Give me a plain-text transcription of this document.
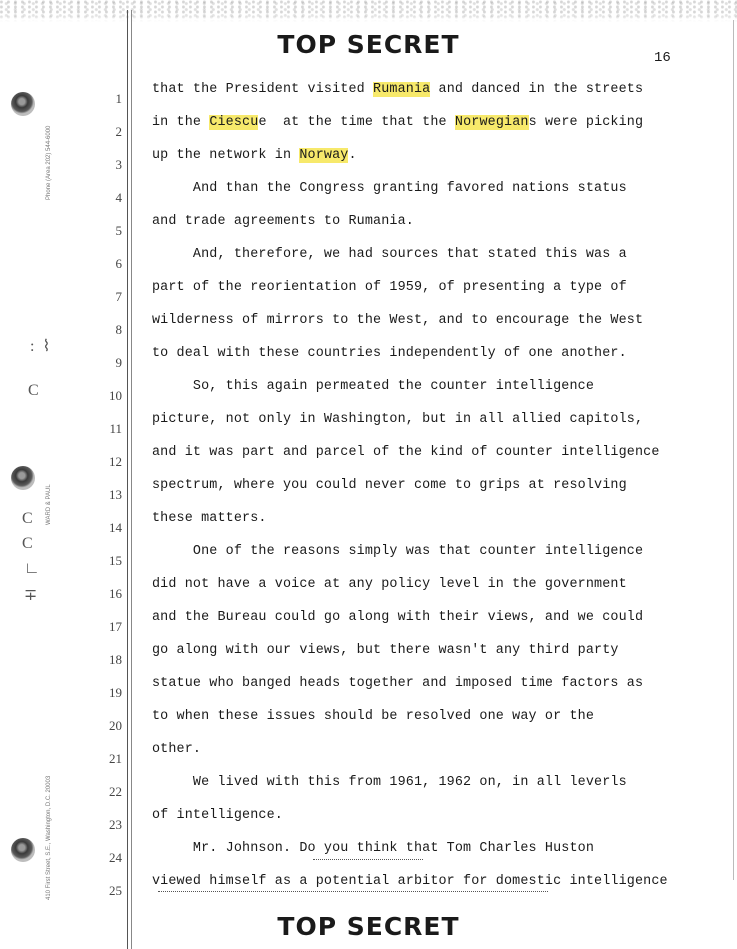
TOP SECRET	16
Phone (Area 202) 544-6000
WARD & PAUL
410 First Street, S.E., Washington, D.C. 20003
:  ⌇
C
C
C
∟
∓
1
2
3
4
5
6
7
8
9
10
11
12
13
14
15
16
17
18
19
20
21
22
23
24
25
that the President visited Rumania and danced in the streets
in the Ciescue  at the time that the Norwegians were picking
up the network in Norway.
And than the Congress granting favored nations status
and trade agreements to Rumania.
And, therefore, we had sources that stated this was a
part of the reorientation of 1959, of presenting a type of
wilderness of mirrors to the West, and to encourage the West
to deal with these countries independently of one another.
So, this again permeated the counter intelligence
picture, not only in Washington, but in all allied capitols,
and it was part and parcel of the kind of counter intelligence
spectrum, where you could never come to grips at resolving
these matters.
One of the reasons simply was that counter intelligence
did not have a voice at any policy level in the government
and the Bureau could go along with their views, and we could
go along with our views, but there wasn't any third party
statue who banged heads together and imposed time factors as
to when these issues should be resolved one way or the
other.
We lived with this from 1961, 1962 on, in all leverls
of intelligence.
Mr. Johnson. Do you think that Tom Charles Huston
viewed himself as a potential arbitor for domestic intelligence
TOP SECRET
